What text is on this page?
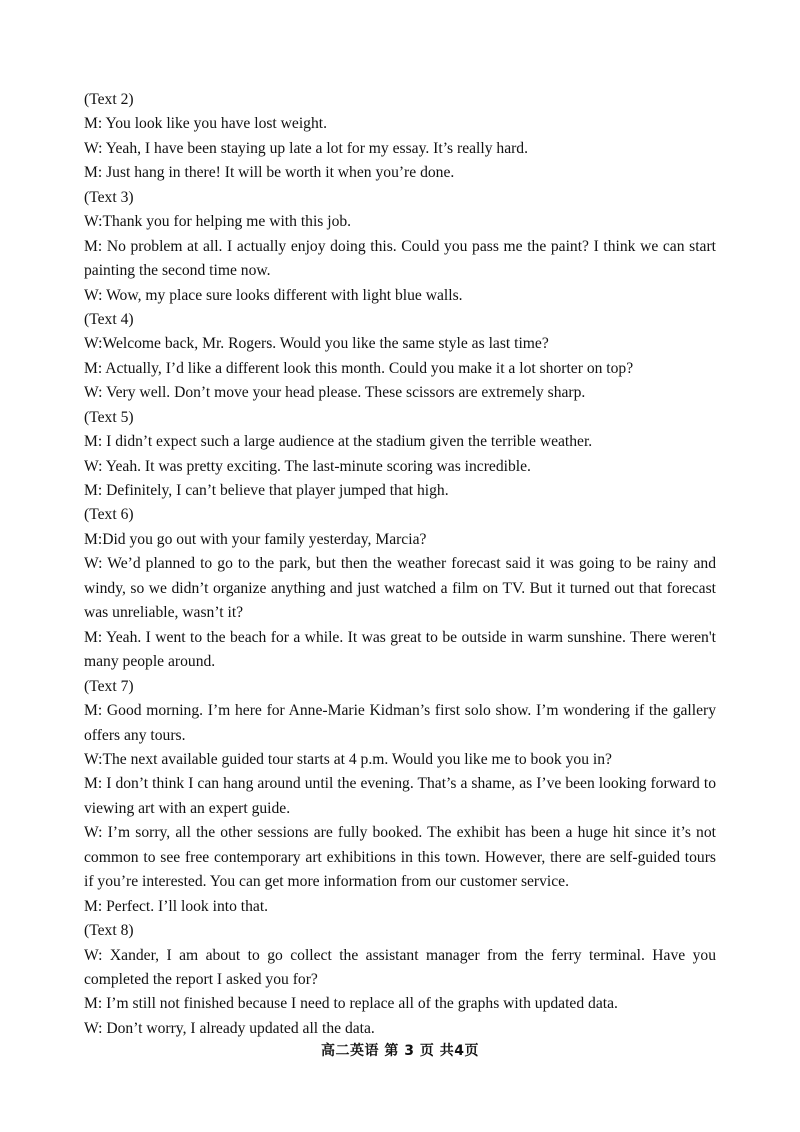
(Text 2)
M: You look like you have lost weight.
W: Yeah, I have been staying up late a lot for my essay. It’s really hard.
M: Just hang in there! It will be worth it when you’re done.
(Text 3)
W:Thank you for helping me with this job.
M: No problem at all. I actually enjoy doing this. Could you pass me the paint? I think we can start painting the second time now.
W: Wow, my place sure looks different with light blue walls.
(Text 4)
W:Welcome back, Mr. Rogers. Would you like the same style as last time?
M: Actually, I’d like a different look this month. Could you make it a lot shorter on top?
W: Very well. Don’t move your head please. These scissors are extremely sharp.
(Text 5)
M: I didn’t expect such a large audience at the stadium given the terrible weather.
W: Yeah. It was pretty exciting. The last-minute scoring was incredible.
M: Definitely, I can’t believe that player jumped that high.
(Text 6)
M:Did you go out with your family yesterday, Marcia?
W: We’d planned to go to the park, but then the weather forecast said it was going to be rainy and windy, so we didn’t organize anything and just watched a film on TV. But it turned out that forecast was unreliable, wasn’t it?
M: Yeah. I went to the beach for a while. It was great to be outside in warm sunshine. There weren't many people around.
(Text 7)
M: Good morning. I’m here for Anne-Marie Kidman’s first solo show. I’m wondering if the gallery offers any tours.
W:The next available guided tour starts at 4 p.m. Would you like me to book you in?
M: I don’t think I can hang around until the evening. That’s a shame, as I’ve been looking forward to viewing art with an expert guide.
W: I’m sorry, all the other sessions are fully booked. The exhibit has been a huge hit since it’s not common to see free contemporary art exhibitions in this town. However, there are self-guided tours if you’re interested. You can get more information from our customer service.
M: Perfect. I’ll look into that.
(Text 8)
W: Xander, I am about to go collect the assistant manager from the ferry terminal. Have you completed the report I asked you for?
M: I’m still not finished because I need to replace all of the graphs with updated data.
W: Don’t worry, I already updated all the data.
高二英语 第 3 页 共4页
